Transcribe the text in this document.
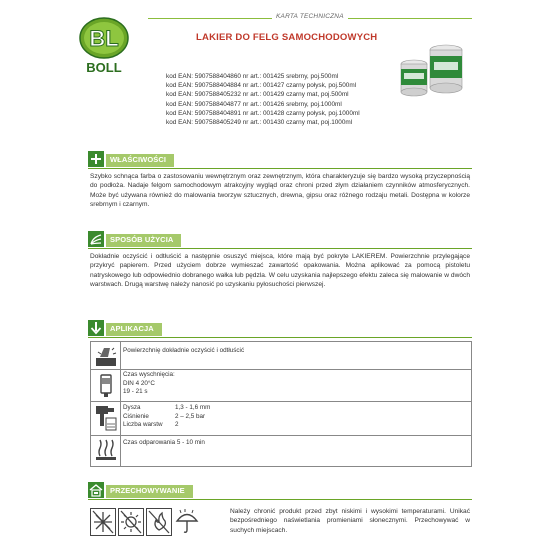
BL
BOLL
KARTA TECHNICZNA
LAKIER DO FELG SAMOCHODOWYCH
kod EAN: 5907588404860 nr art.: 001425 srebrny, poj.500ml
kod EAN: 5907588404884 nr art.: 001427 czarny połysk, poj.500ml
kod EAN: 5907588405232 nr art.: 001429 czarny mat, poj.500ml
kod EAN: 5907588404877 nr art.: 001426 srebrny, poj.1000ml
kod EAN: 5907588404891 nr art.: 001428 czarny połysk, poj.1000ml
kod EAN: 5907588405249 nr art.: 001430 czarny mat, poj.1000ml
WŁAŚCIWOŚCI
Szybko schnąca farba o zastosowaniu wewnętrznym oraz zewnętrznym, która charakteryzuje się bardzo wysoką przyczepnością do podłoża. Nadaje felgom samochodowym atrakcyjny wygląd oraz chroni przed złym działaniem czynników atmosferycznych. Może być używana również do malowania tworzyw sztucznych, drewna, gipsu oraz różnego rodzaju metali. Dostępna w kolorze srebrnym i czarnym.
SPOSÓB UŻYCIA
Dokładnie oczyścić i odtłuścić a następnie osuszyć miejsca, które mają być pokryte LAKIEREM. Powierzchnie przylegające przykryć papierem. Przed użyciem dobrze wymieszać zawartość opakowania. Można aplikować za pomocą pistoletu natryskowego lub odpowiednio dobranego wałka lub pędzla. W celu uzyskania najlepszego efektu zaleca się malowanie w dwóch warstwach. Drugą warstwę należy nanosić po uzyskaniu pyłosuchości pierwszej.
APLIKACJA
Powierzchnię dokładnie oczyścić i odtłuścić
Czas wyschnięcia:
DIN 4 20°C
19 - 21 s
Dysza	1,3 - 1,6 mm
Ciśnienie	2 – 2,5 bar
Liczba warstw	2
Czas odparowania 5 - 10 min
PRZECHOWYWANIE
Należy chronić produkt przed zbyt niskimi i wysokimi temperaturami. Unikać bezpośredniego naświetlania promieniami słonecznymi. Przechowywać w suchych miejscach.
